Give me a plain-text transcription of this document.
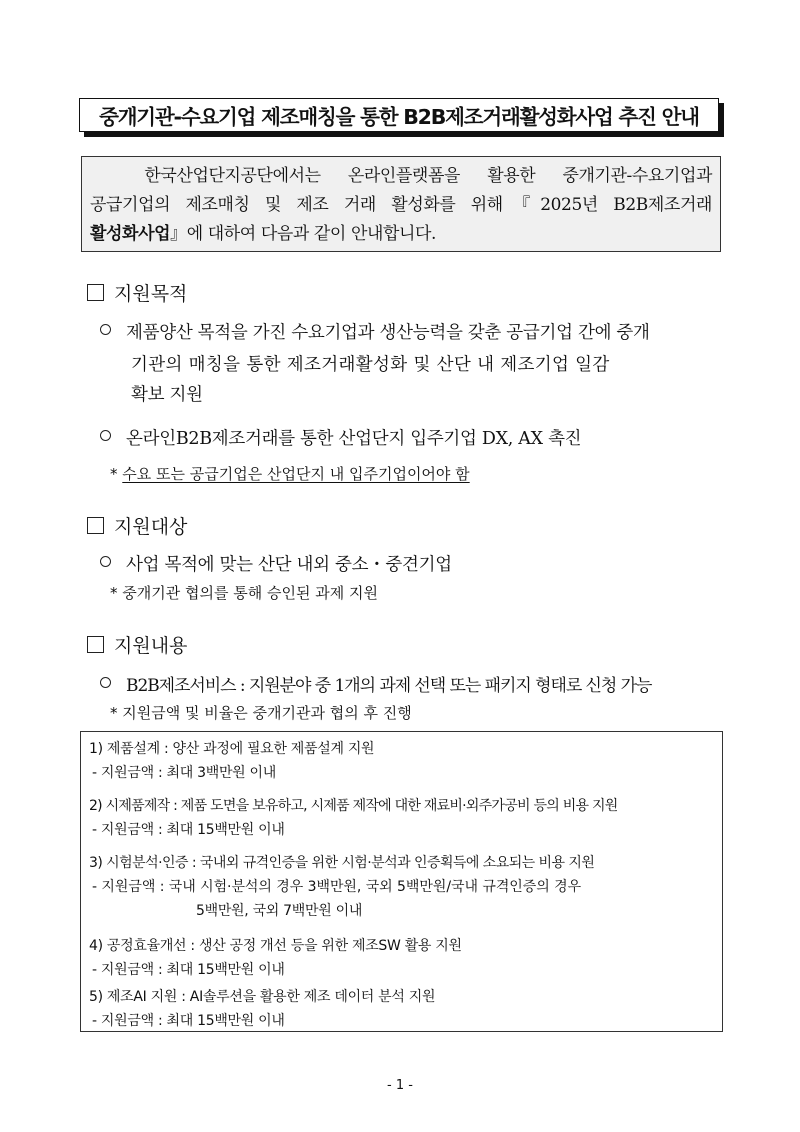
중개기관-수요기업 제조매칭을 통한 B2B제조거래활성화사업 추진 안내
한국산업단지공단에서는 온라인플랫폼을 활용한 중개기관-수요기업과
공급기업의 제조매칭 및 제조 거래 활성화를 위해『2025년 B2B제조거래
활성화사업』에 대하여 다음과 같이 안내합니다.
지원목적
제품양산 목적을 가진 수요기업과 생산능력을 갖춘 공급기업 간에 중개
기관의 매칭을 통한 제조거래활성화 및 산단 내 제조기업 일감
확보 지원
온라인B2B제조거래를 통한 산업단지 입주기업 DX, AX 촉진
* 수요 또는 공급기업은 산업단지 내 입주기업이어야 함
지원대상
사업 목적에 맞는 산단 내외 중소・중견기업
* 중개기관 협의를 통해 승인된 과제 지원
지원내용
B2B제조서비스 : 지원분야 중 1개의 과제 선택 또는 패키지 형태로 신청 가능
* 지원금액 및 비율은 중개기관과 협의 후 진행
1) 제품설계 : 양산 과정에 필요한 제품설계 지원
- 지원금액 : 최대 3백만원 이내
2) 시제품제작 : 제품 도면을 보유하고, 시제품 제작에 대한 재료비·외주가공비 등의 비용 지원
- 지원금액 : 최대 15백만원 이내
3) 시험분석·인증 : 국내외 규격인증을 위한 시험·분석과 인증획득에 소요되는 비용 지원
- 지원금액 : 국내 시험·분석의 경우 3백만원, 국외 5백만원/국내 규격인증의 경우
5백만원, 국외 7백만원 이내
4) 공정효율개선 : 생산 공정 개선 등을 위한 제조SW 활용 지원
- 지원금액 : 최대 15백만원 이내
5) 제조AI 지원 : AI솔루션을 활용한 제조 데이터 분석 지원
- 지원금액 : 최대 15백만원 이내
- 1 -
